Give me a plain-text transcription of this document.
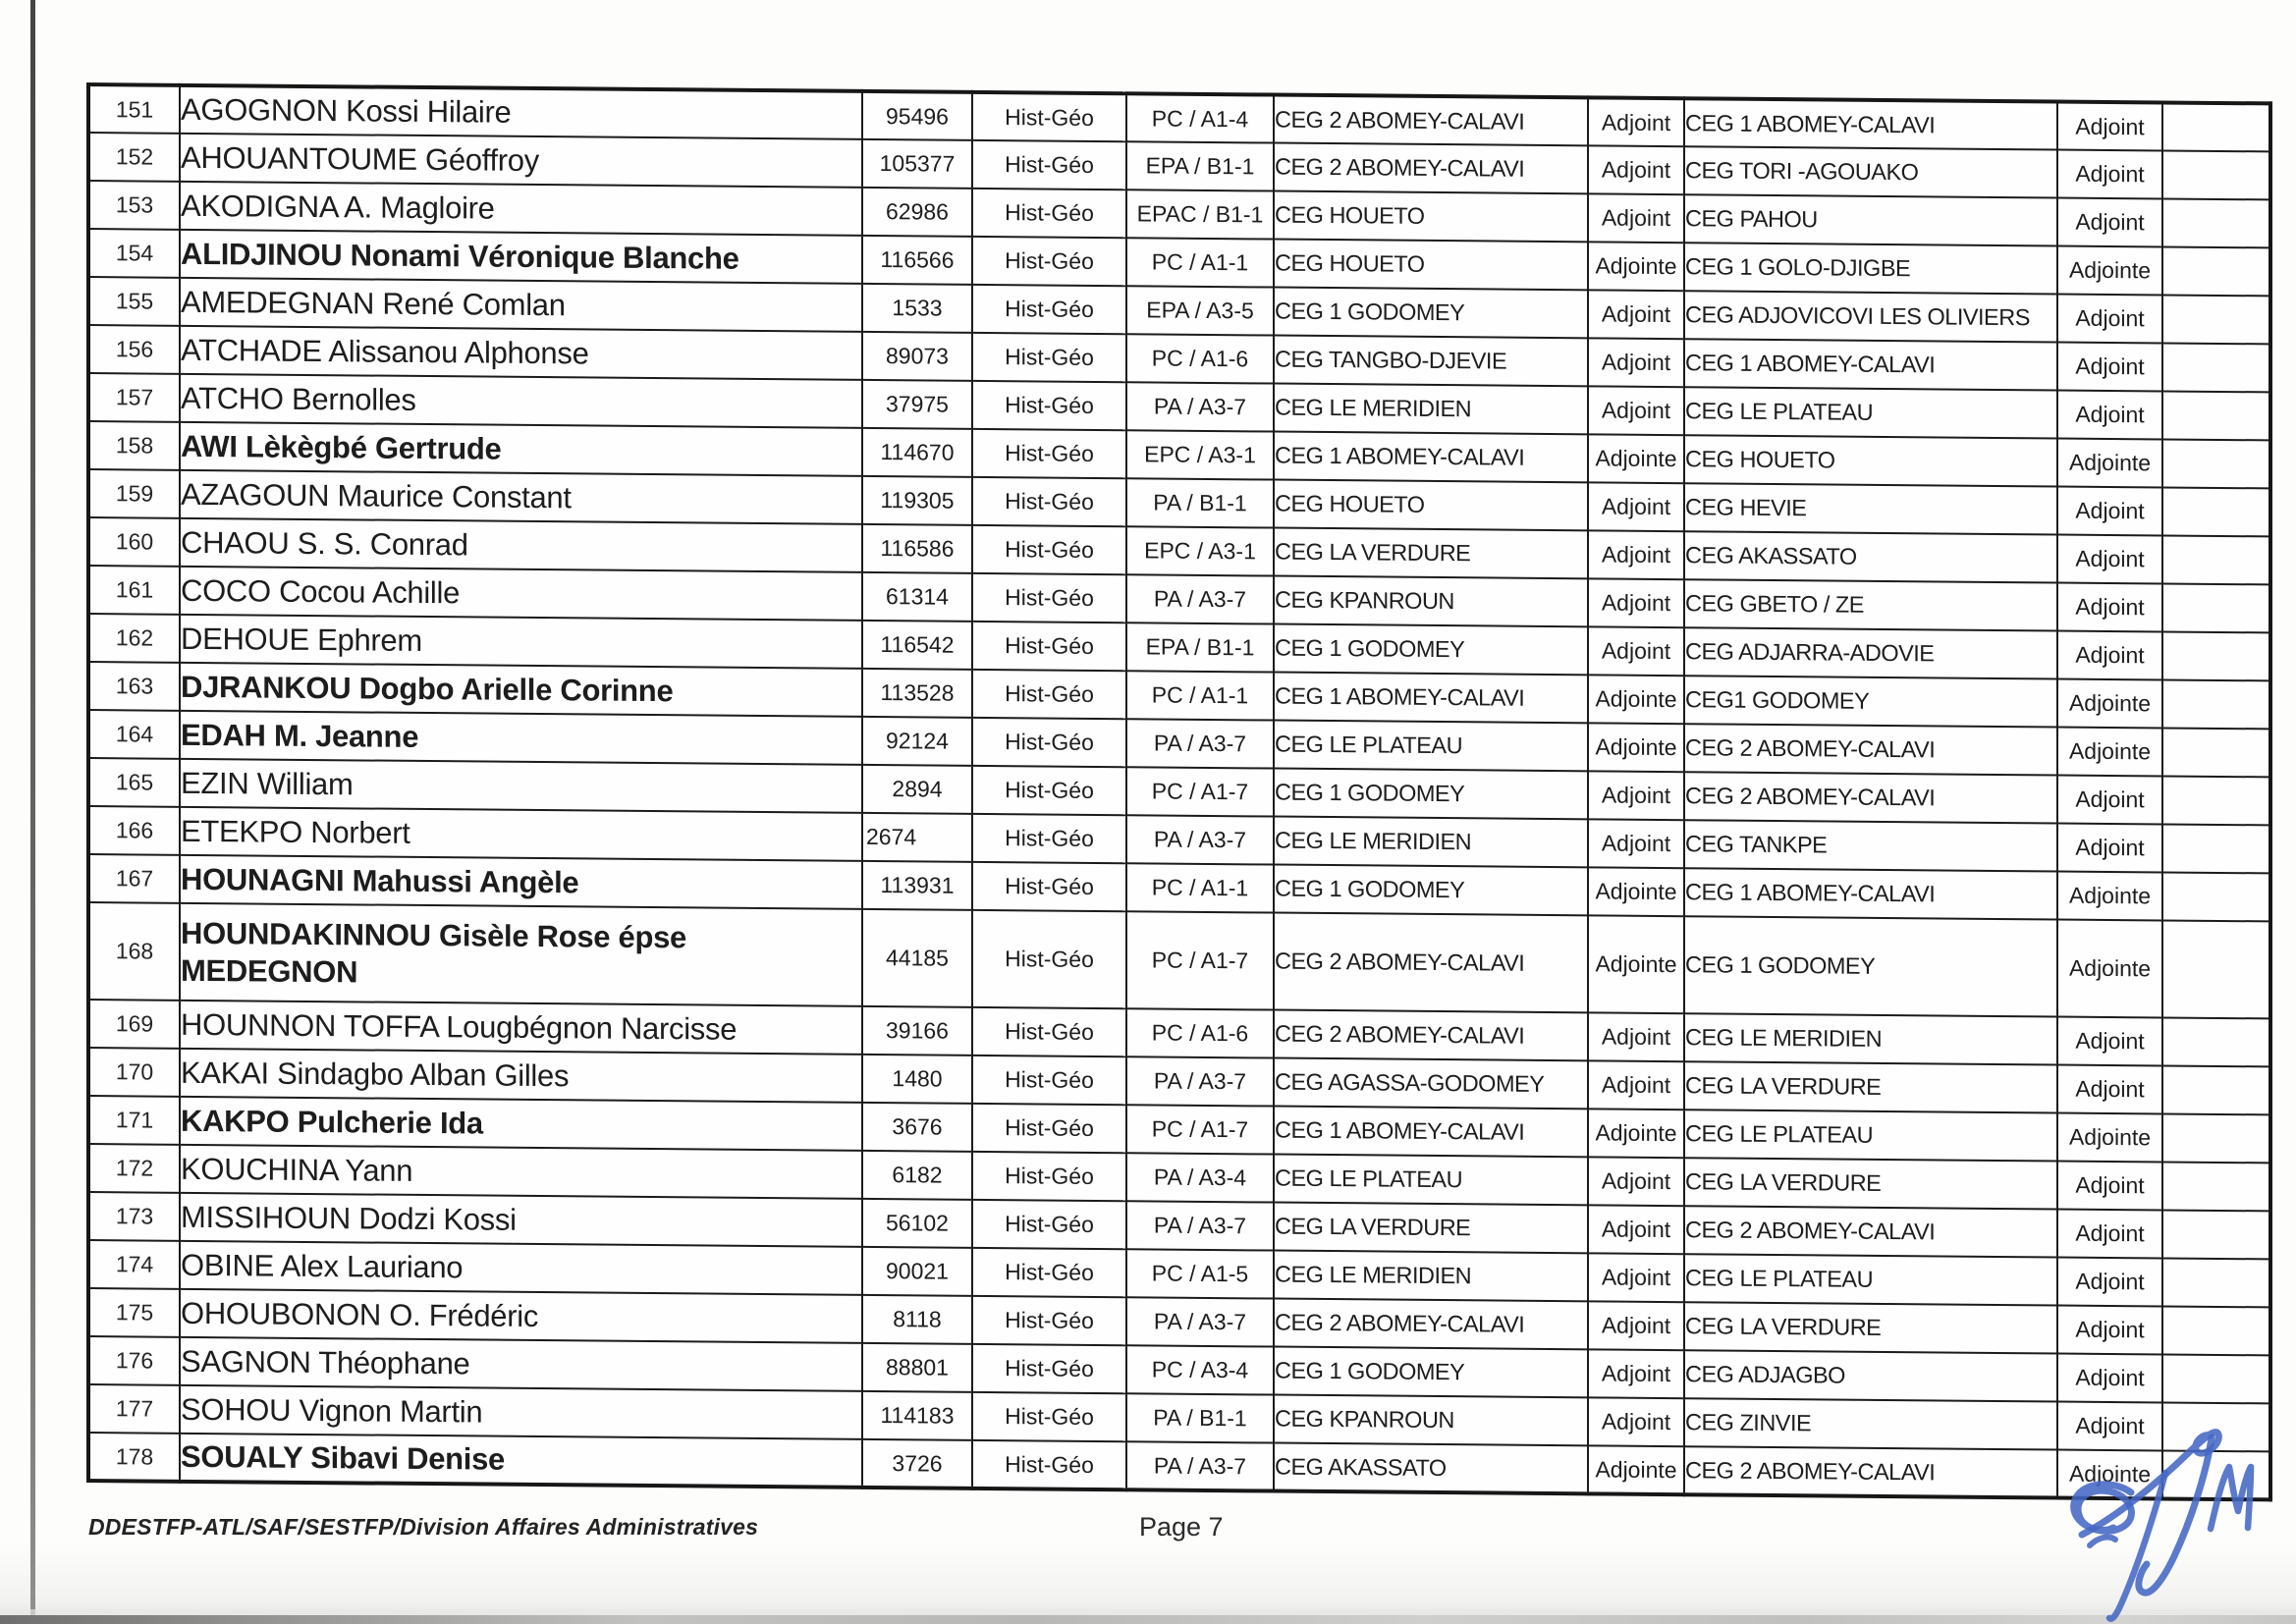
151	AGOGNON Kossi Hilaire	95496	Hist-Géo	PC / A1-4	CEG 2 ABOMEY-CALAVI	Adjoint	CEG 1 ABOMEY-CALAVI	Adjoint	
152	AHOUANTOUME Géoffroy	105377	Hist-Géo	EPA / B1-1	CEG 2 ABOMEY-CALAVI	Adjoint	CEG TORI -AGOUAKO	Adjoint	
153	AKODIGNA A. Magloire	62986	Hist-Géo	EPAC / B1-1	CEG HOUETO	Adjoint	CEG PAHOU	Adjoint	
154	ALIDJINOU Nonami Véronique Blanche	116566	Hist-Géo	PC / A1-1	CEG HOUETO	Adjointe	CEG 1 GOLO-DJIGBE	Adjointe	
155	AMEDEGNAN René Comlan	1533	Hist-Géo	EPA / A3-5	CEG 1 GODOMEY	Adjoint	CEG ADJOVICOVI LES OLIVIERS	Adjoint	
156	ATCHADE Alissanou Alphonse	89073	Hist-Géo	PC / A1-6	CEG TANGBO-DJEVIE	Adjoint	CEG 1 ABOMEY-CALAVI	Adjoint	
157	ATCHO Bernolles	37975	Hist-Géo	PA / A3-7	CEG LE MERIDIEN	Adjoint	CEG LE PLATEAU	Adjoint	
158	AWI Lèkègbé Gertrude	114670	Hist-Géo	EPC / A3-1	CEG 1 ABOMEY-CALAVI	Adjointe	CEG HOUETO	Adjointe	
159	AZAGOUN Maurice Constant	119305	Hist-Géo	PA / B1-1	CEG HOUETO	Adjoint	CEG HEVIE	Adjoint	
160	CHAOU S. S. Conrad	116586	Hist-Géo	EPC / A3-1	CEG LA VERDURE	Adjoint	CEG AKASSATO	Adjoint	
161	COCO Cocou Achille	61314	Hist-Géo	PA / A3-7	CEG KPANROUN	Adjoint	CEG GBETO / ZE	Adjoint	
162	DEHOUE Ephrem	116542	Hist-Géo	EPA / B1-1	CEG 1 GODOMEY	Adjoint	CEG ADJARRA-ADOVIE	Adjoint	
163	DJRANKOU Dogbo Arielle Corinne	113528	Hist-Géo	PC / A1-1	CEG 1 ABOMEY-CALAVI	Adjointe	CEG1 GODOMEY	Adjointe	
164	EDAH M. Jeanne	92124	Hist-Géo	PA / A3-7	CEG LE PLATEAU	Adjointe	CEG 2 ABOMEY-CALAVI	Adjointe	
165	EZIN William	2894	Hist-Géo	PC / A1-7	CEG 1 GODOMEY	Adjoint	CEG 2 ABOMEY-CALAVI	Adjoint	
166	ETEKPO Norbert	2674	Hist-Géo	PA / A3-7	CEG LE MERIDIEN	Adjoint	CEG TANKPE	Adjoint	
167	HOUNAGNI Mahussi Angèle	113931	Hist-Géo	PC / A1-1	CEG 1 GODOMEY	Adjointe	CEG 1 ABOMEY-CALAVI	Adjointe	
168	HOUNDAKINNOU Gisèle Rose épse MEDEGNON	44185	Hist-Géo	PC / A1-7	CEG 2 ABOMEY-CALAVI	Adjointe	CEG 1 GODOMEY	Adjointe	
169	HOUNNON TOFFA Lougbégnon Narcisse	39166	Hist-Géo	PC / A1-6	CEG 2 ABOMEY-CALAVI	Adjoint	CEG LE MERIDIEN	Adjoint	
170	KAKAI Sindagbo Alban Gilles	1480	Hist-Géo	PA / A3-7	CEG AGASSA-GODOMEY	Adjoint	CEG LA VERDURE	Adjoint	
171	KAKPO Pulcherie Ida	3676	Hist-Géo	PC / A1-7	CEG 1 ABOMEY-CALAVI	Adjointe	CEG LE PLATEAU	Adjointe	
172	KOUCHINA Yann	6182	Hist-Géo	PA / A3-4	CEG LE PLATEAU	Adjoint	CEG LA VERDURE	Adjoint	
173	MISSIHOUN Dodzi Kossi	56102	Hist-Géo	PA / A3-7	CEG LA VERDURE	Adjoint	CEG 2 ABOMEY-CALAVI	Adjoint	
174	OBINE Alex Lauriano	90021	Hist-Géo	PC / A1-5	CEG LE MERIDIEN	Adjoint	CEG LE PLATEAU	Adjoint	
175	OHOUBONON O. Frédéric	8118	Hist-Géo	PA / A3-7	CEG 2 ABOMEY-CALAVI	Adjoint	CEG LA VERDURE	Adjoint	
176	SAGNON Théophane	88801	Hist-Géo	PC / A3-4	CEG 1 GODOMEY	Adjoint	CEG ADJAGBO	Adjoint	
177	SOHOU Vignon Martin	114183	Hist-Géo	PA / B1-1	CEG KPANROUN	Adjoint	CEG ZINVIE	Adjoint	
178	SOUALY Sibavi Denise	3726	Hist-Géo	PA / A3-7	CEG AKASSATO	Adjointe	CEG 2 ABOMEY-CALAVI	Adjointe	
DDESTFP-ATL/SAF/SESTFP/Division Affaires Administratives	Page 7
